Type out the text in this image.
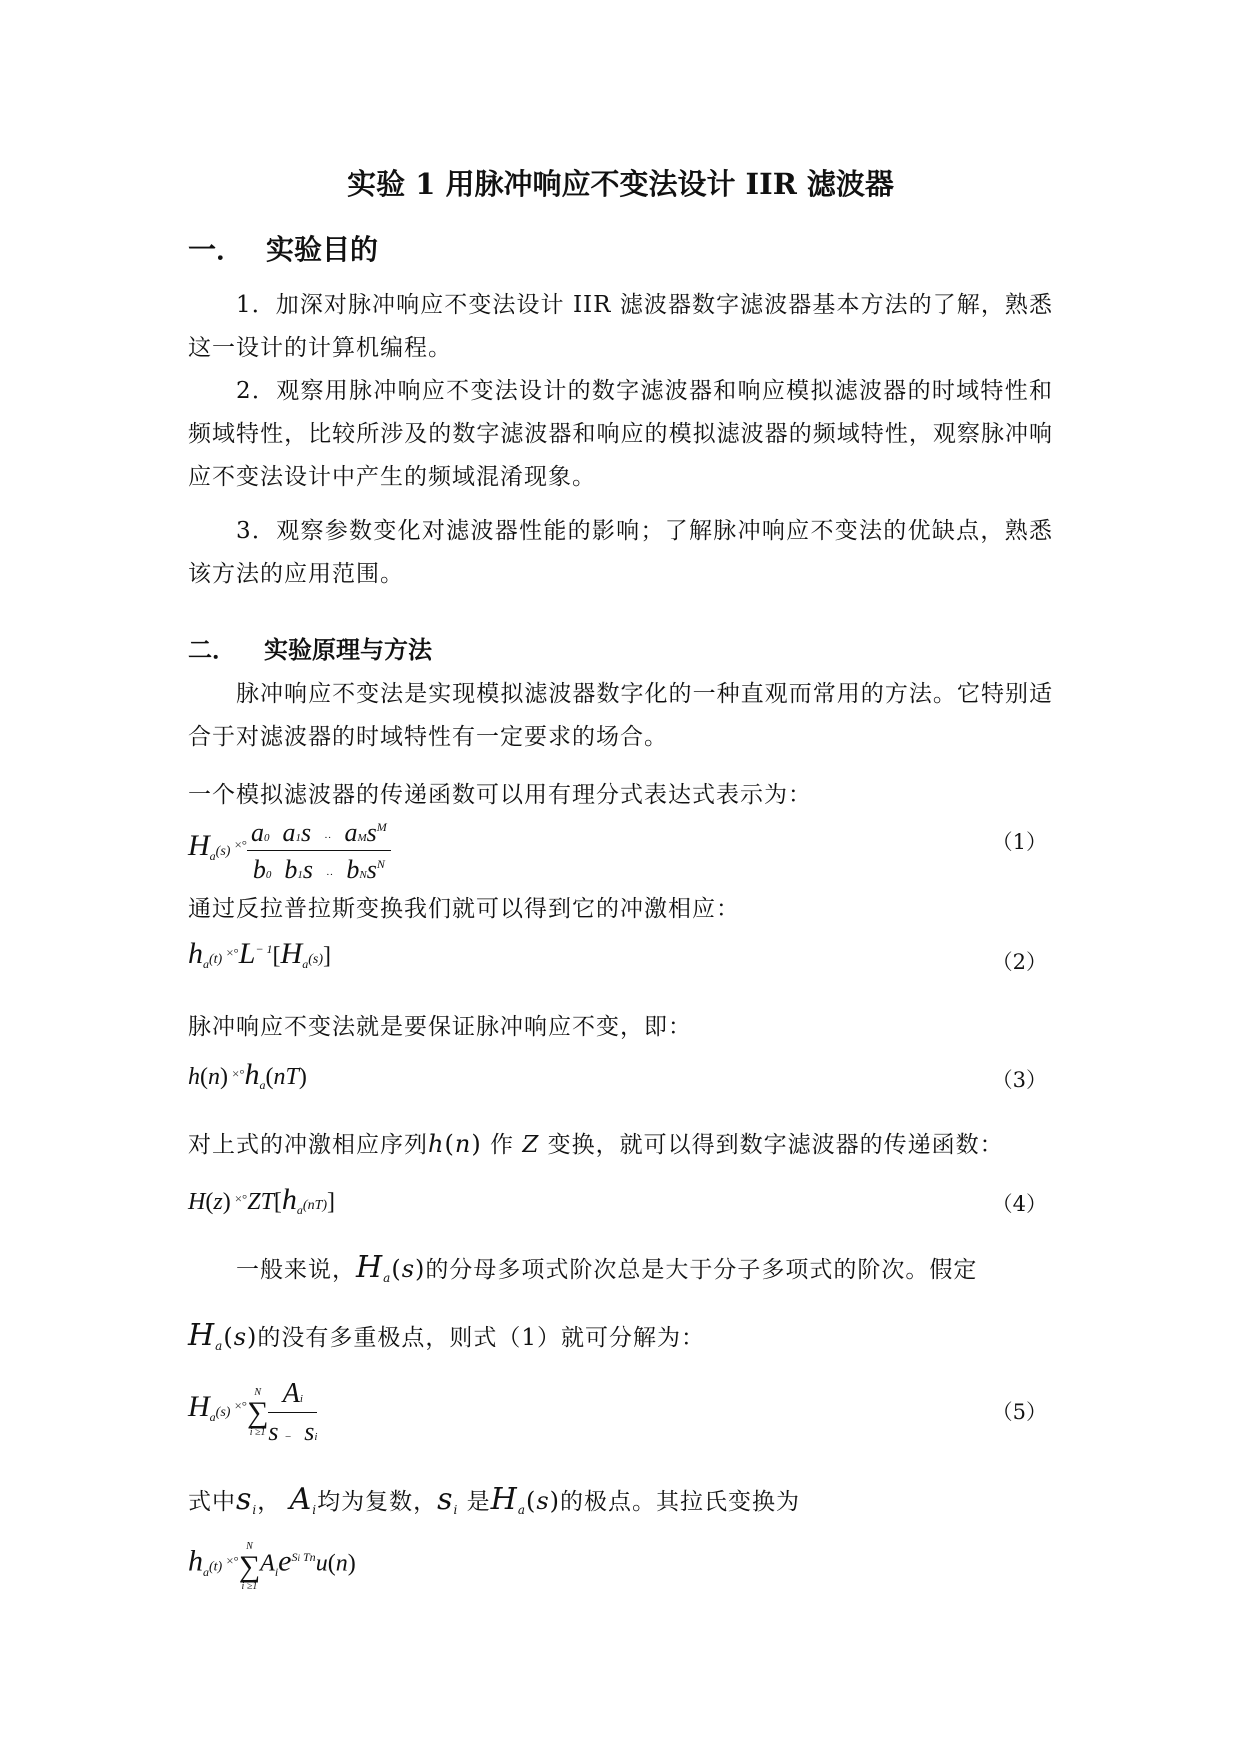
实验 1 用脉冲响应不变法设计 IIR 滤波器
一． 实验目的
1．加深对脉冲响应不变法设计 IIR 滤波器数字滤波器基本方法的了解，熟悉这一设计的计算机编程。
2．观察用脉冲响应不变法设计的数字滤波器和响应模拟滤波器的时域特性和频域特性，比较所涉及的数字滤波器和响应的模拟滤波器的频域特性，观察脉冲响应不变法设计中产生的频域混淆现象。
3．观察参数变化对滤波器性能的影响；了解脉冲响应不变法的优缺点，熟悉该方法的应用范围。
二． 实验原理与方法
脉冲响应不变法是实现模拟滤波器数字化的一种直观而常用的方法。它特别适合于对滤波器的时域特性有一定要求的场合。
一个模拟滤波器的传递函数可以用有理分式表达式表示为：
$H_a(s)$ $^{\times^\circ} \frac{a0 a1s \cdot\cdot aMs^M}{b0 b1s \cdot\cdot bNs^N}$	（1）
通过反拉普拉斯变换我们就可以得到它的冲激相应：
$h_a(t)$ $^{\times^\circ}L^{- 1}[H_a(s)]$	（2）
脉冲响应不变法就是要保证脉冲响应不变，即：
h(n) $^{\times^\circ}h_a(nT)$	（3）
对上式的冲激相应序列h(n) 作 Z 变换，就可以得到数字滤波器的传递函数：
H(z) $^{\times^\circ}ZT[h_a(nT)]$	（4）
一般来说，$H_a(s)$的分母多项式阶次总是大于分子多项式的阶次。假定
$H_a(s)$的没有多重极点，则式（1）就可分解为：
$H_a(s)$ ×°
N
∑
$i \ge 1 \frac{Ai}{s - si}$	（5）
式中$s_i$， $A_i$均为复数，$s_i$ 是$H_a(s)$的极点。其拉氏变换为
$h_a(t)$ ×°
N
∑
i ≥1
$A_ie^{Si Tn}u(n)$
